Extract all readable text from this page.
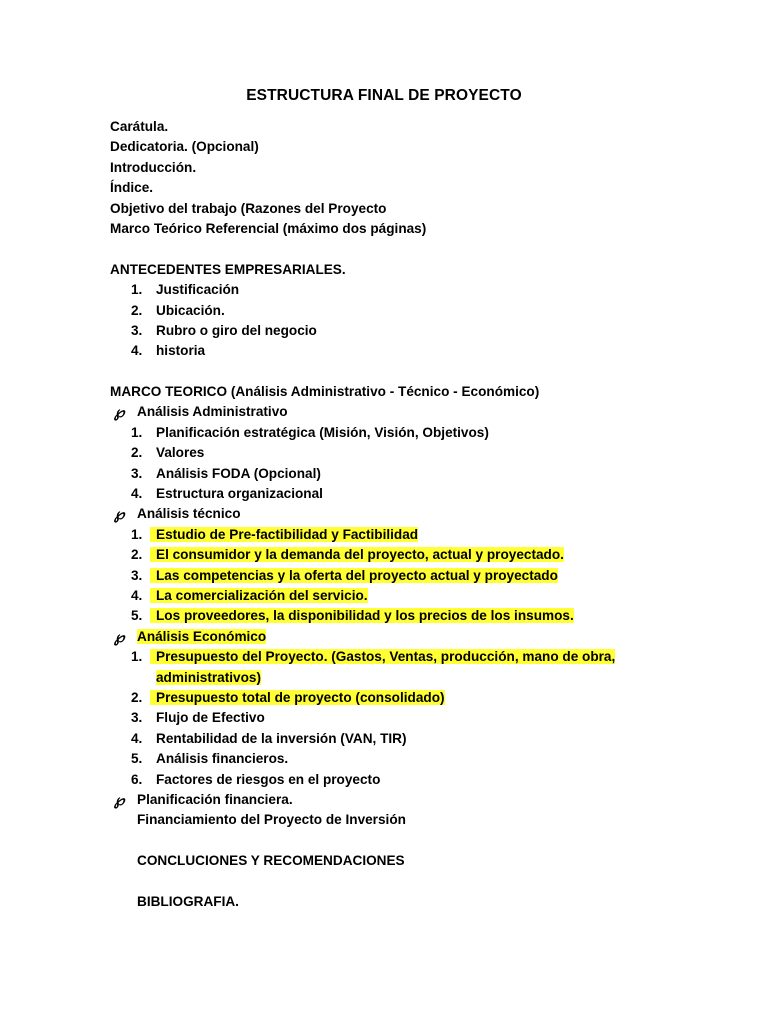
ESTRUCTURA FINAL DE PROYECTO
Carátula.
Dedicatoria. (Opcional)
Introducción.
Índice.
Objetivo del trabajo (Razones del Proyecto
Marco Teórico Referencial (máximo dos páginas)
ANTECEDENTES EMPRESARIALES.
1. Justificación
2. Ubicación.
3. Rubro o giro del negocio
4. historia
MARCO TEORICO (Análisis Administrativo - Técnico - Económico)
℘ Análisis Administrativo
1. Planificación estratégica (Misión, Visión, Objetivos)
2. Valores
3. Análisis FODA (Opcional)
4. Estructura organizacional
℘ Análisis técnico
1. Estudio de Pre-factibilidad y Factibilidad
2. El consumidor y la demanda del proyecto, actual y proyectado.
3. Las competencias y la oferta del proyecto actual y proyectado
4. La comercialización del servicio.
5. Los proveedores, la disponibilidad y los precios de los insumos.
℘ Análisis Económico
1. Presupuesto del Proyecto. (Gastos, Ventas, producción, mano de obra,
administrativos)
2. Presupuesto total de proyecto (consolidado)
3. Flujo de Efectivo
4. Rentabilidad de la inversión (VAN, TIR)
5. Análisis financieros.
6. Factores de riesgos en el proyecto
℘ Planificación financiera.
Financiamiento del Proyecto de Inversión
CONCLUCIONES Y RECOMENDACIONES
BIBLIOGRAFIA.
